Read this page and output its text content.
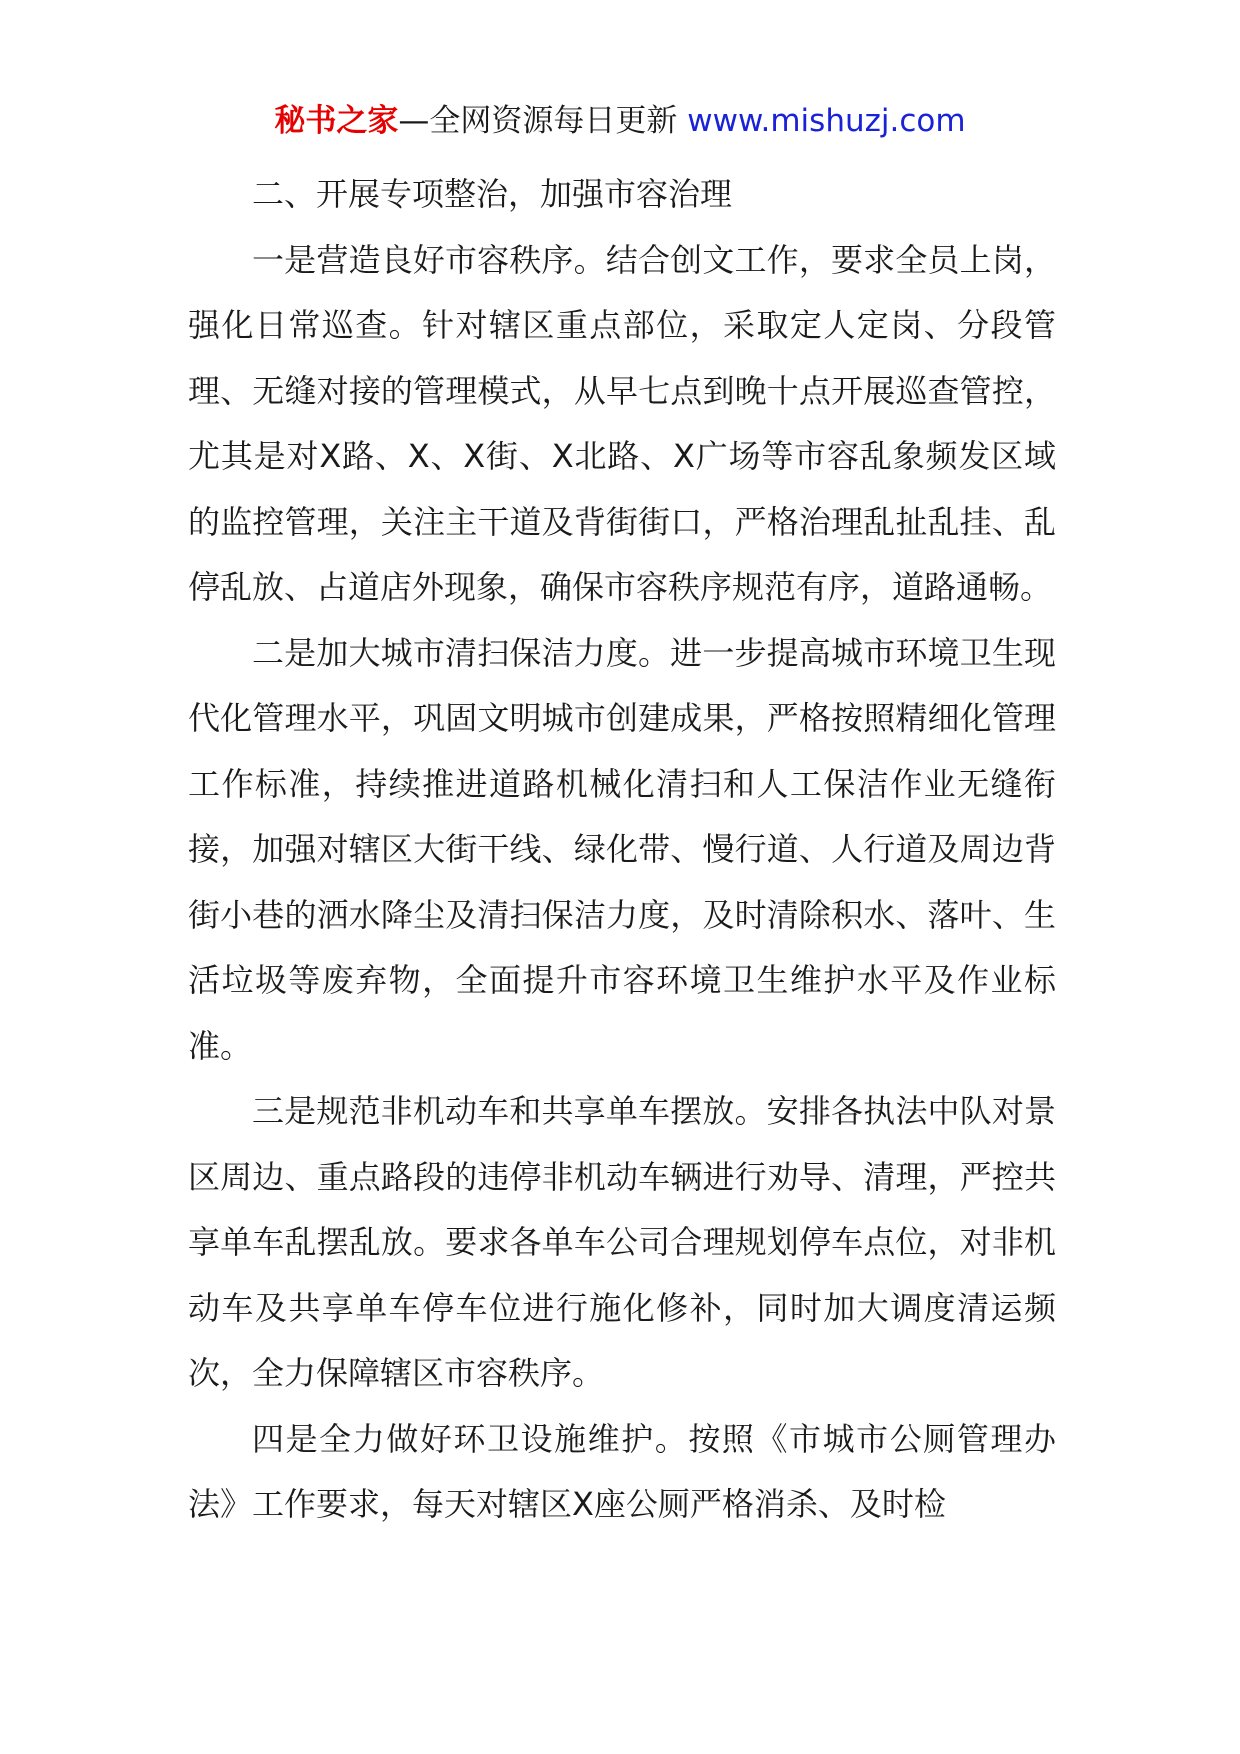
秘书之家—全网资源每日更新 www.mishuzj.com

二、开展专项整治，加强市容治理

一是营造良好市容秩序。结合创文工作，要求全员上岗，强化日常巡查。针对辖区重点部位，采取定人定岗、分段管理、无缝对接的管理模式，从早七点到晚十点开展巡查管控，尤其是对X路、X、X街、X北路、X广场等市容乱象频发区域的监控管理，关注主干道及背街街口，严格治理乱扯乱挂、乱停乱放、占道店外现象，确保市容秩序规范有序，道路通畅。

二是加大城市清扫保洁力度。进一步提高城市环境卫生现代化管理水平，巩固文明城市创建成果，严格按照精细化管理工作标准，持续推进道路机械化清扫和人工保洁作业无缝衔接，加强对辖区大街干线、绿化带、慢行道、人行道及周边背街小巷的洒水降尘及清扫保洁力度，及时清除积水、落叶、生活垃圾等废弃物，全面提升市容环境卫生维护水平及作业标准。

三是规范非机动车和共享单车摆放。安排各执法中队对景区周边、重点路段的违停非机动车辆进行劝导、清理，严控共享单车乱摆乱放。要求各单车公司合理规划停车点位，对非机动车及共享单车停车位进行施化修补，同时加大调度清运频次，全力保障辖区市容秩序。

四是全力做好环卫设施维护。按照《市城市公厕管理办法》工作要求，每天对辖区X座公厕严格消杀、及时检
